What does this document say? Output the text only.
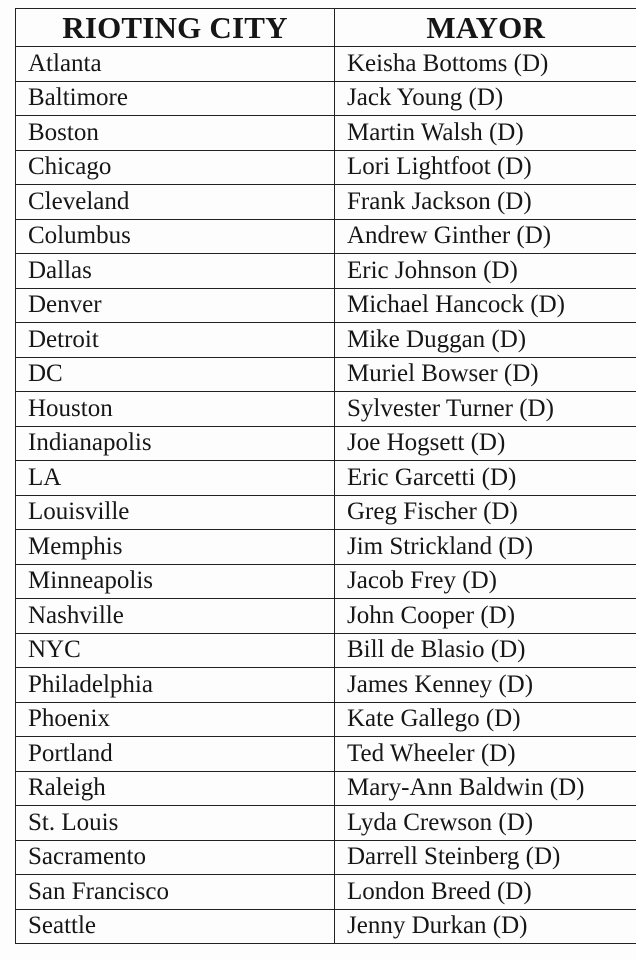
RIOTING CITY	MAYOR
Atlanta	Keisha Bottoms (D)
Baltimore	Jack Young (D)
Boston	Martin Walsh (D)
Chicago	Lori Lightfoot (D)
Cleveland	Frank Jackson (D)
Columbus	Andrew Ginther (D)
Dallas	Eric Johnson (D)
Denver	Michael Hancock (D)
Detroit	Mike Duggan (D)
DC	Muriel Bowser (D)
Houston	Sylvester Turner (D)
Indianapolis	Joe Hogsett (D)
LA	Eric Garcetti (D)
Louisville	Greg Fischer (D)
Memphis	Jim Strickland (D)
Minneapolis	Jacob Frey (D)
Nashville	John Cooper (D)
NYC	Bill de Blasio (D)
Philadelphia	James Kenney (D)
Phoenix	Kate Gallego (D)
Portland	Ted Wheeler (D)
Raleigh	Mary-Ann Baldwin (D)
St. Louis	Lyda Crewson (D)
Sacramento	Darrell Steinberg (D)
San Francisco	London Breed (D)
Seattle	Jenny Durkan (D)
